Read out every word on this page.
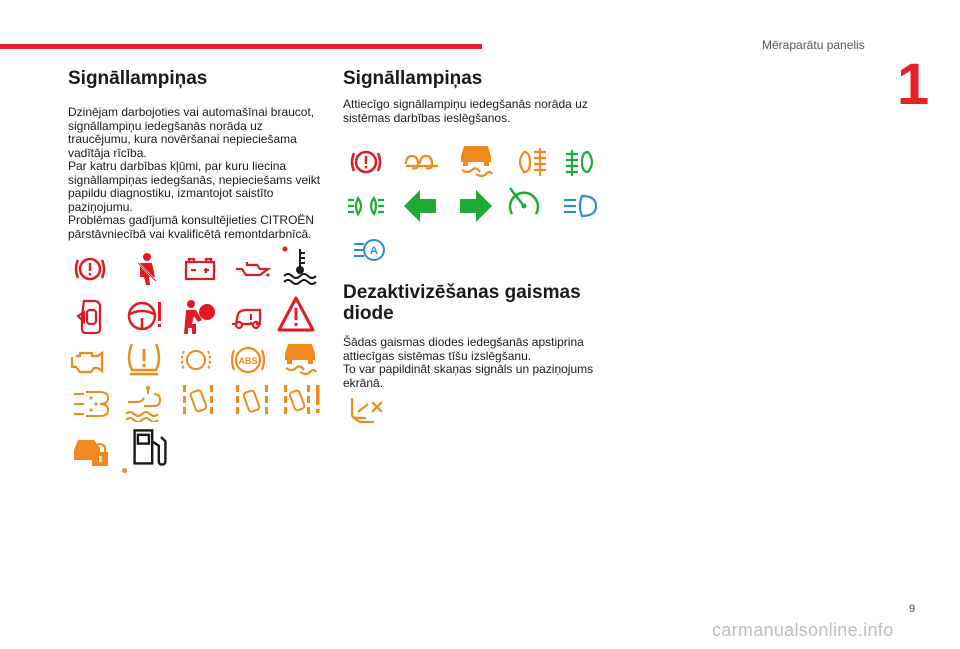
Mēraparātu panelis
1
Signāllampiņas

Dzinējam darbojoties vai automašīnai braucot, signāllampiņu iedegšanās norāda uz traucējumu, kura novēršanai nepieciešama vadītāja rīcība.

Par katru darbības kļūmi, par kuru liecina signāllampiņas iedegšanās, nepieciešams veikt papildu diagnostiku, izmantojot saistīto paziņojumu.

Problēmas gadījumā konsultējieties CITROËN pārstāvniecībā vai kvalificētā remontdarbnīcā.

ABS
Signāllampiņas

Attiecīgo signāllampiņu iedegšanās norāda uz sistēmas darbības ieslēgšanos.

A
Dezaktivizēšanas gaismas diode

Šādas gaismas diodes iedegšanās apstiprina attiecīgas sistēmas tīšu izslēgšanu.

To var papildināt skaņas signāls un paziņojums ekrānā.

9
carmanualsonline.info
